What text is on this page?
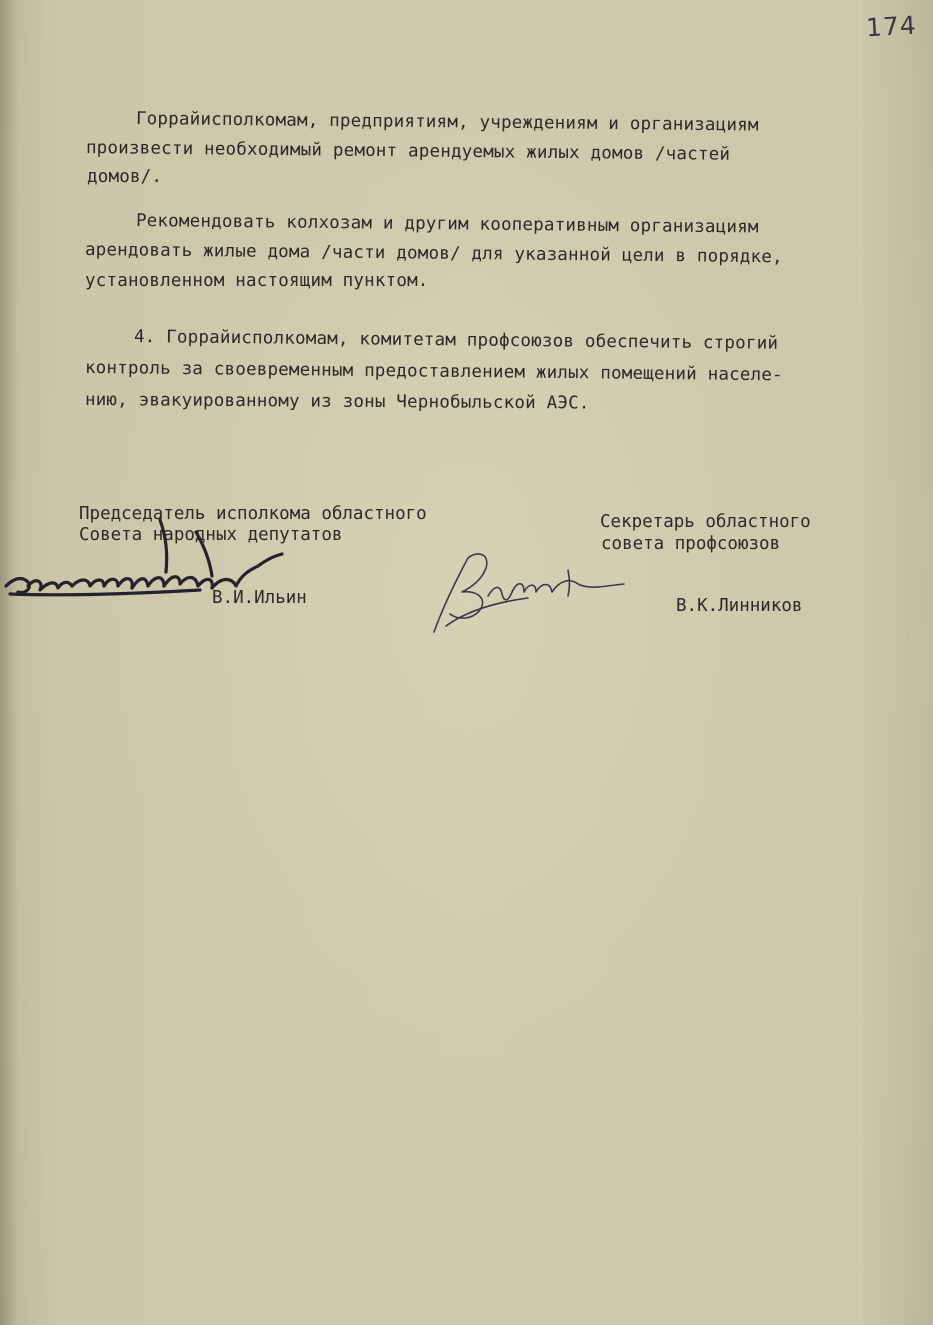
174
Горрайисполкомам, предприятиям, учреждениям и организациям
произвести необходимый ремонт арендуемых жилых домов /частей
домов/.
Рекомендовать колхозам и другим кооперативным организациям
арендовать жилые дома /части домов/ для указанной цели в порядке,
установленном настоящим пунктом.
4. Горрайисполкомам, комитетам профсоюзов обеспечить строгий
контроль за своевременным предоставлением жилых помещений населе-
нию, эвакуированному из зоны Чернобыльской АЭС.
Председатель исполкома областного
Совета народных депутатов
В.И.Ильин
Секретарь областного
совета профсоюзов
В.К.Линников
